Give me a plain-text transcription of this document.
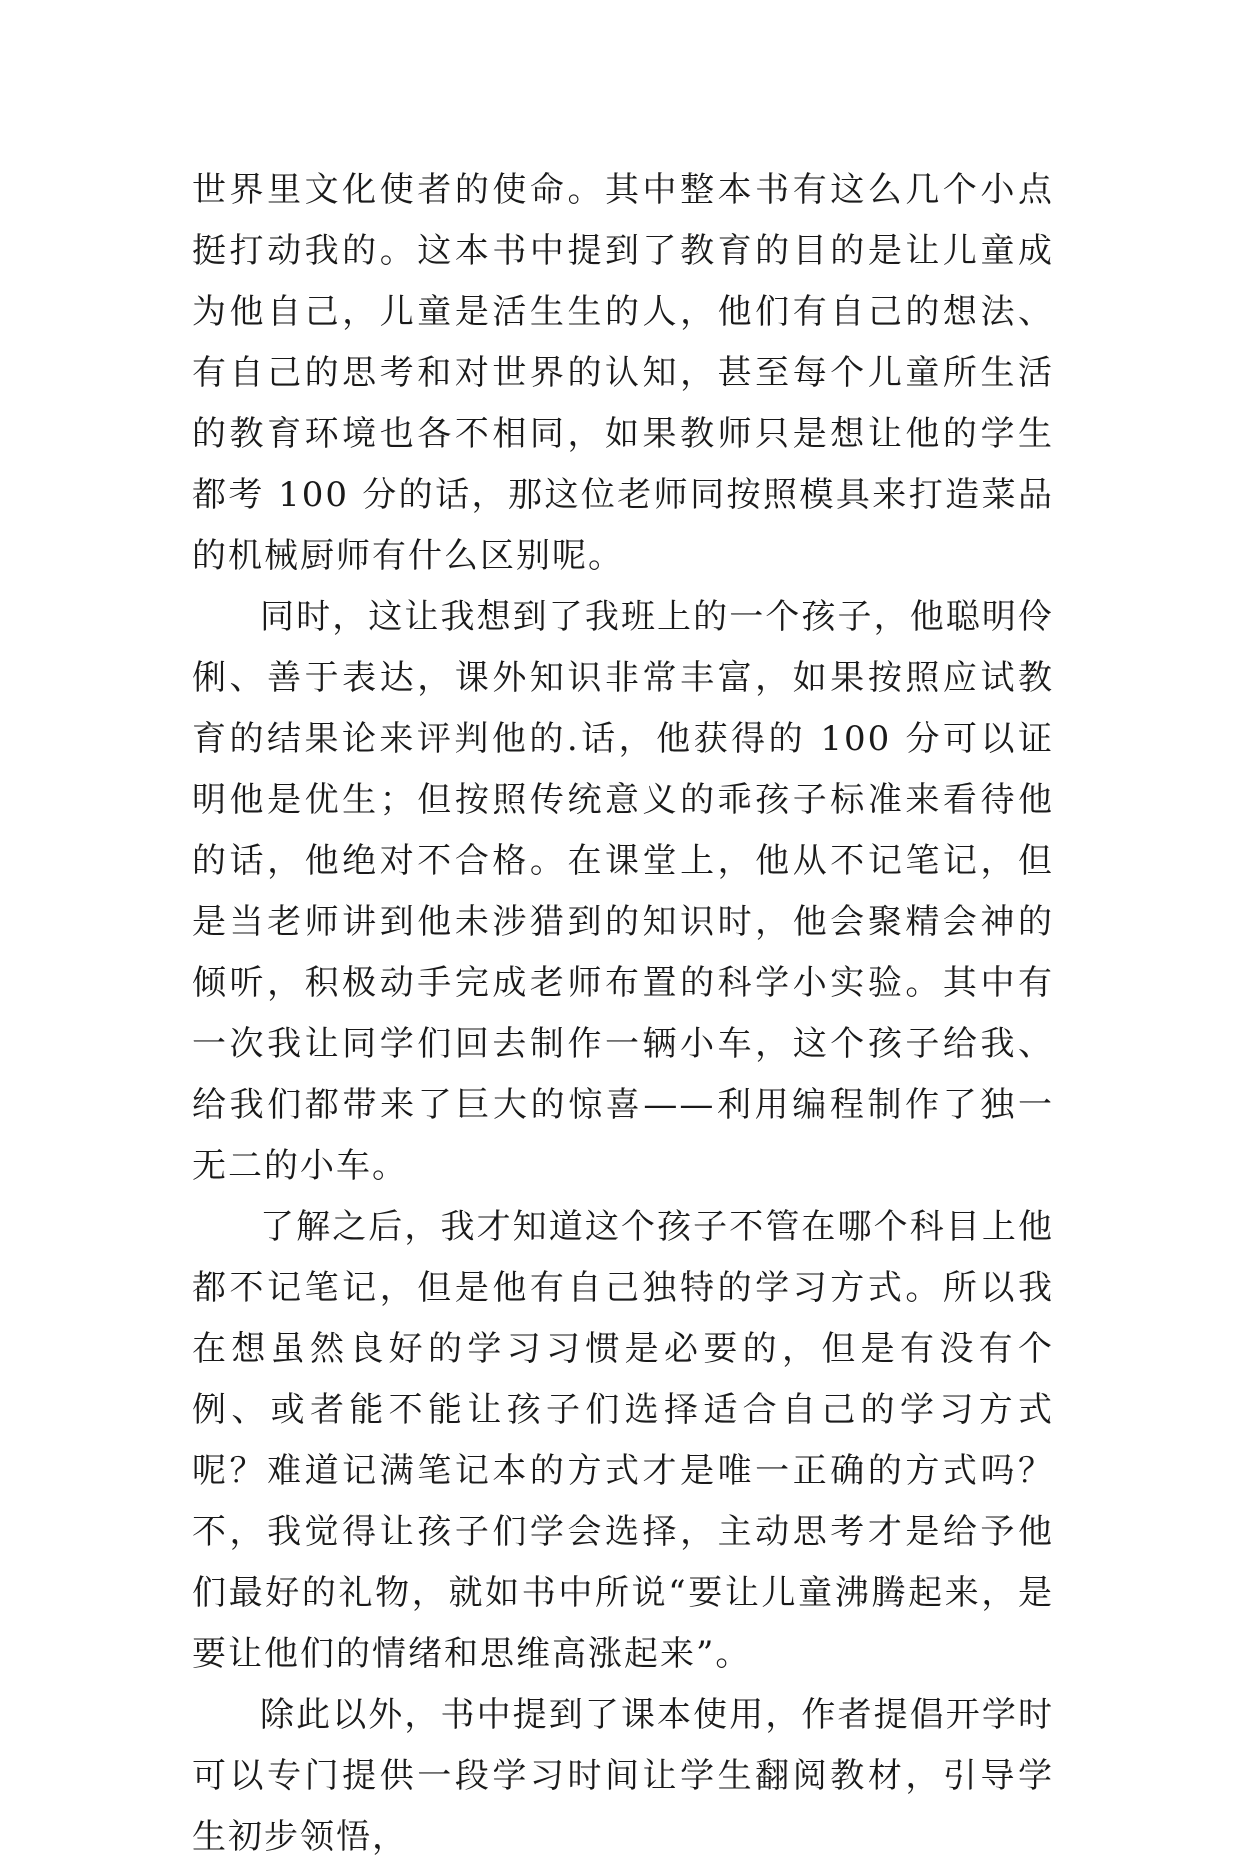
世界里文化使者的使命。其中整本书有这么几个小点挺打动我的。这本书中提到了教育的目的是让儿童成为他自己，儿童是活生生的人，他们有自己的想法、有自己的思考和对世界的认知，甚至每个儿童所生活的教育环境也各不相同，如果教师只是想让他的学生都考 100 分的话，那这位老师同按照模具来打造菜品的机械厨师有什么区别呢。

同时，这让我想到了我班上的一个孩子，他聪明伶俐、善于表达，课外知识非常丰富，如果按照应试教育的结果论来评判他的.话，他获得的 100 分可以证明他是优生；但按照传统意义的乖孩子标准来看待他的话，他绝对不合格。在课堂上，他从不记笔记，但是当老师讲到他未涉猎到的知识时，他会聚精会神的倾听，积极动手完成老师布置的科学小实验。其中有一次我让同学们回去制作一辆小车，这个孩子给我、给我们都带来了巨大的惊喜——利用编程制作了独一无二的小车。

了解之后，我才知道这个孩子不管在哪个科目上他都不记笔记，但是他有自己独特的学习方式。所以我在想虽然良好的学习习惯是必要的，但是有没有个例、或者能不能让孩子们选择适合自己的学习方式呢？难道记满笔记本的方式才是唯一正确的方式吗？不，我觉得让孩子们学会选择，主动思考才是给予他们最好的礼物，就如书中所说“要让儿童沸腾起来，是要让他们的情绪和思维高涨起来”。

除此以外，书中提到了课本使用，作者提倡开学时可以专门提供一段学习时间让学生翻阅教材，引导学生初步领悟，
